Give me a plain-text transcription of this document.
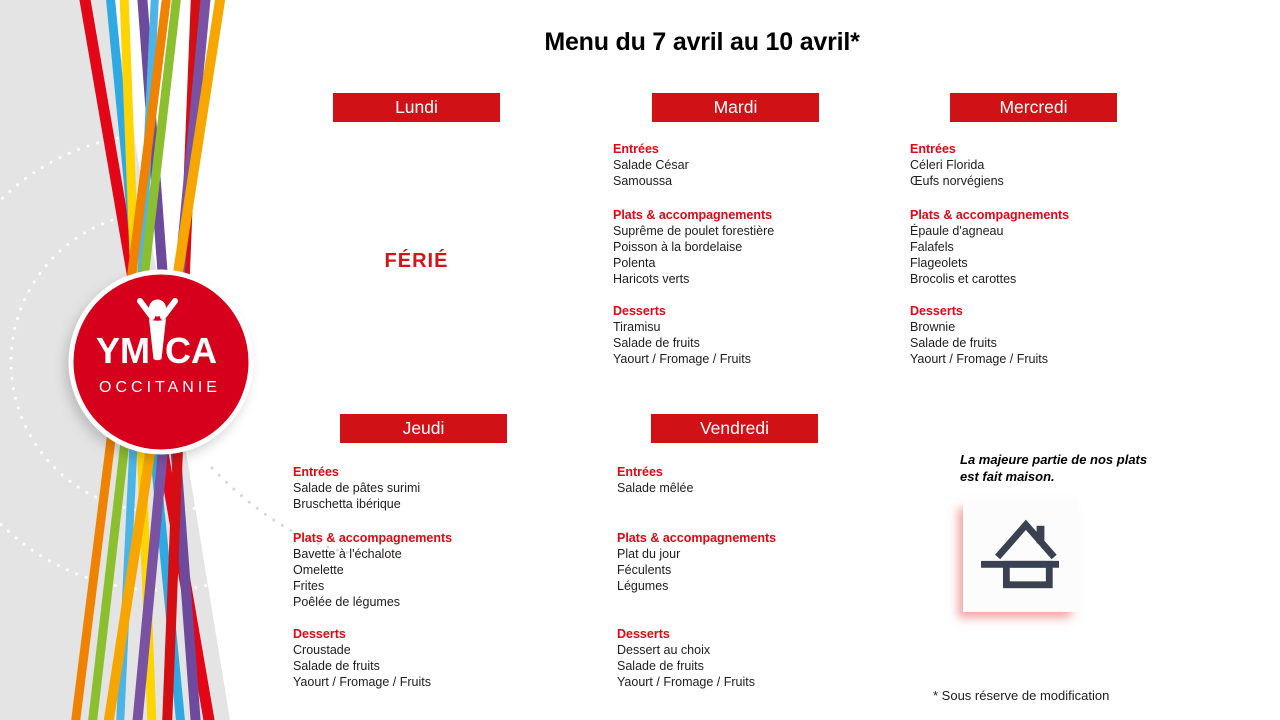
YM CA
OCCITANIE
Menu du 7 avril au 10 avril*
Lundi	Mardi	Mercredi
Jeudi	Vendredi
FÉRIÉ
Entrées
Salade César
Samoussa
Plats & accompagnements
Suprême de poulet forestière
Poisson à la bordelaise
Polenta
Haricots verts
Desserts
Tiramisu
Salade de fruits
Yaourt / Fromage / Fruits
Entrées
Céleri Florida
Œufs norvégiens
Plats & accompagnements
Épaule d'agneau
Falafels
Flageolets
Brocolis et carottes
Desserts
Brownie
Salade de fruits
Yaourt / Fromage / Fruits
Entrées
Salade de pâtes surimi
Bruschetta ibérique
Plats & accompagnements
Bavette à l'échalote
Omelette
Frites
Poêlée de légumes
Desserts
Croustade
Salade de fruits
Yaourt / Fromage / Fruits
Entrées
Salade mêlée
Plats & accompagnements
Plat du jour
Féculents
Légumes
Desserts
Dessert au choix
Salade de fruits
Yaourt / Fromage / Fruits
La majeure partie de nos plats est fait maison.
* Sous réserve de modification
